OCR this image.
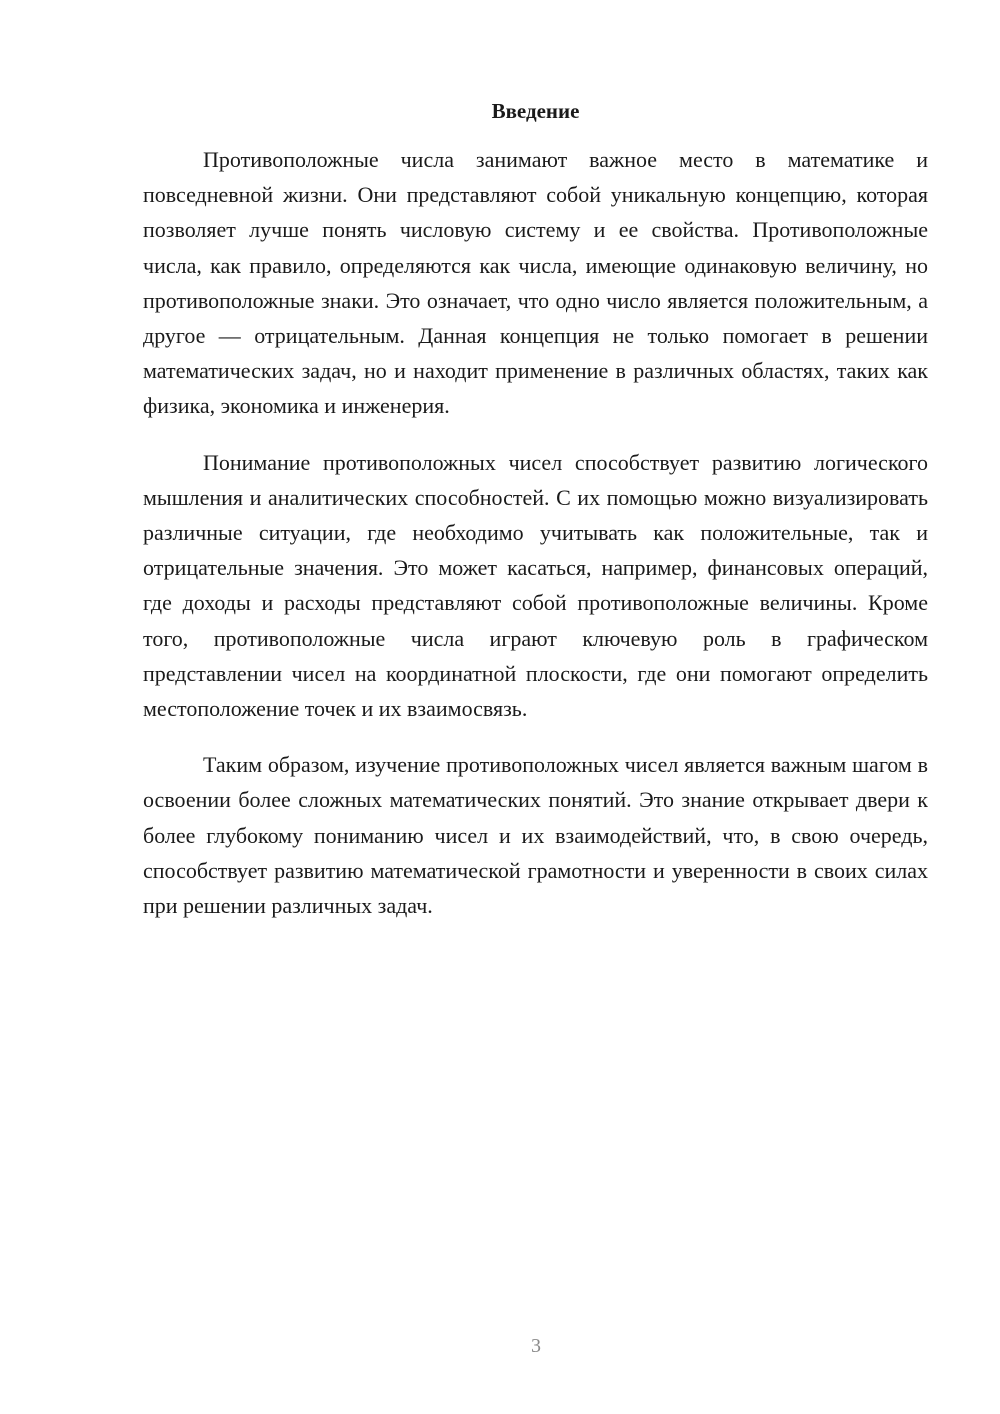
Введение

Противоположные числа занимают важное место в математике и повседневной жизни. Они представляют собой уникальную концепцию, которая позволяет лучше понять числовую систему и ее свойства. Противоположные числа, как правило, определяются как числа, имеющие одинаковую величину, но противоположные знаки. Это означает, что одно число является положительным, а другое — отрицательным. Данная концепция не только помогает в решении математических задач, но и находит применение в различных областях, таких как физика, экономика и инженерия.

Понимание противоположных чисел способствует развитию логического мышления и аналитических способностей. С их помощью можно визуализировать различные ситуации, где необходимо учитывать как положительные, так и отрицательные значения. Это может касаться, например, финансовых операций, где доходы и расходы представляют собой противоположные величины. Кроме того, противоположные числа играют ключевую роль в графическом представлении чисел на координатной плоскости, где они помогают определить местоположение точек и их взаимосвязь.

Таким образом, изучение противоположных чисел является важным шагом в освоении более сложных математических понятий. Это знание открывает двери к более глубокому пониманию чисел и их взаимодействий, что, в свою очередь, способствует развитию математической грамотности и уверенности в своих силах при решении различных задач.

3
